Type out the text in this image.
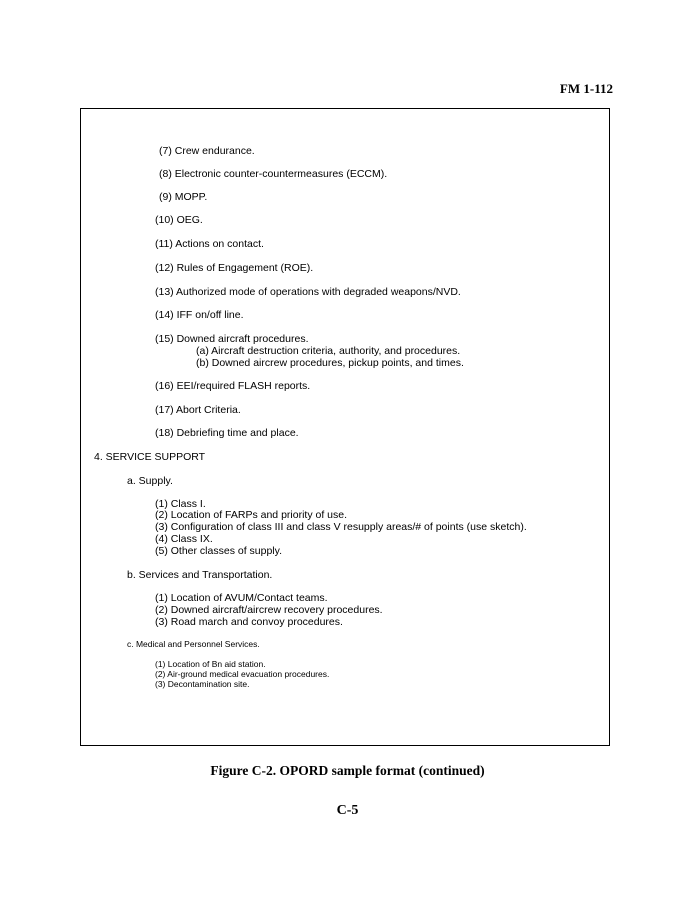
FM 1-112
(7) Crew endurance.
(8) Electronic counter-countermeasures (ECCM).
(9) MOPP.
(10) OEG.
(11) Actions on contact.
(12) Rules of Engagement (ROE).
(13) Authorized mode of operations with degraded weapons/NVD.
(14) IFF on/off line.
(15) Downed aircraft procedures.
(a) Aircraft destruction criteria, authority, and procedures.
(b) Downed aircrew procedures, pickup points, and times.
(16) EEI/required FLASH reports.
(17) Abort Criteria.
(18) Debriefing time and place.
4. SERVICE SUPPORT
a. Supply.
(1) Class I.
(2) Location of FARPs and priority of use.
(3) Configuration of class III and class V resupply areas/# of points (use sketch).
(4) Class IX.
(5) Other classes of supply.
b. Services and Transportation.
(1) Location of AVUM/Contact teams.
(2) Downed aircraft/aircrew recovery procedures.
(3) Road march and convoy procedures.
c. Medical and Personnel Services.
(1) Location of Bn aid station.
(2) Air-ground medical evacuation procedures.
(3) Decontamination site.
Figure C-2. OPORD sample format (continued)
C-5
